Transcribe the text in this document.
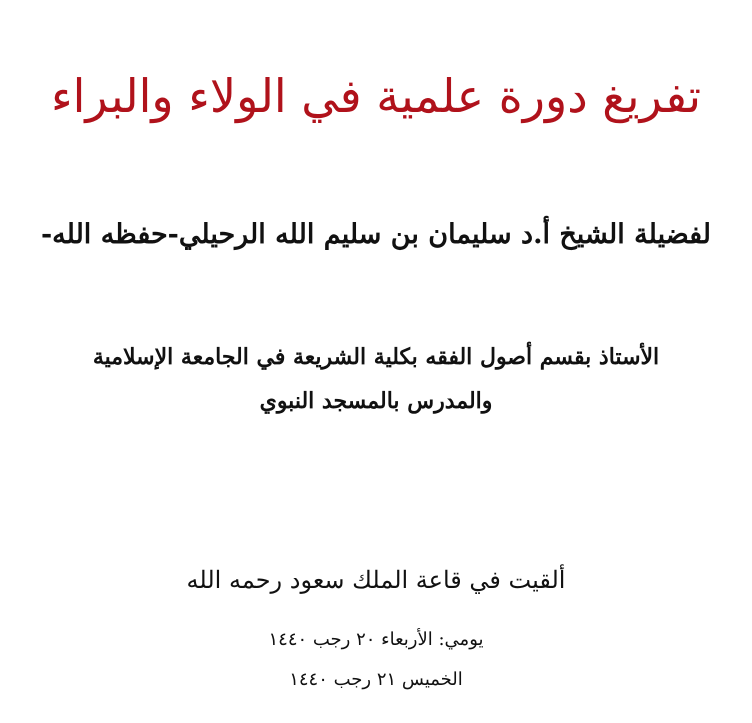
تفريغ دورة علمية في الولاء والبراء
لفضيلة الشيخ أ.د سليمان بن سليم الله الرحيلي-حفظه الله-
الأستاذ بقسم أصول الفقه بكلية الشريعة في الجامعة الإسلامية
والمدرس بالمسجد النبوي
ألقيت في قاعة الملك سعود رحمه الله
يومي: الأربعاء ٢٠ رجب ١٤٤٠
الخميس ٢١ رجب ١٤٤٠
